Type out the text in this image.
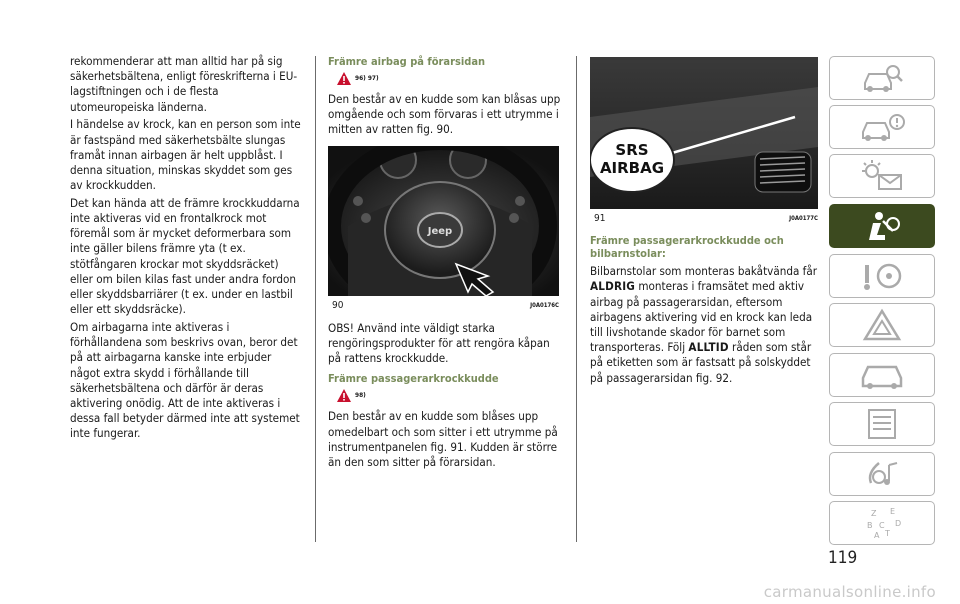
rekommenderar att man alltid har på sig säkerhetsbältena, enligt föreskrifterna i EU-lagstiftningen och i de flesta utomeuropeiska länderna.

I händelse av krock, kan en person som inte är fastspänd med säkerhetsbälte slungas framåt innan airbagen är helt uppblåst. I denna situation, minskas skyddet som ges av krockkudden.

Det kan hända att de främre krockkuddarna inte aktiveras vid en frontalkrock mot föremål som är mycket deformerbara som inte gäller bilens främre yta (t ex. stötfångaren krockar mot skyddsräcket) eller om bilen kilas fast under andra fordon eller skyddsbarriärer (t ex. under en lastbil eller ett skyddsräcke).

Om airbagarna inte aktiveras i förhållandena som beskrivs ovan, beror det på att airbagarna kanske inte erbjuder något extra skydd i förhållande till säkerhetsbältena och därför är deras aktivering onödig. Att de inte aktiveras i dessa fall betyder därmed inte att systemet inte fungerar.

Främre airbag på förarsidan
96) 97)

Den består av en kudde som kan blåsas upp omgående och som förvaras i ett utrymme i mitten av ratten fig. 90.

Jeep
90	J0A0176C

OBS! Använd inte väldigt starka rengöringsprodukter för att rengöra kåpan på rattens krockkudde.

Främre passagerarkrockkudde
98)

Den består av en kudde som blåses upp omedelbart och som sitter i ett utrymme på instrumentpanelen fig. 91. Kudden är större än den som sitter på förarsidan.

SRS
AIRBAG
91	J0A0177C
Främre passagerarkrockkudde och bilbarnstolar:

Bilbarnstolar som monteras bakåtvända får ALDRIG monteras i framsätet med aktiv airbag på passagerarsidan, eftersom airbagens aktivering vid en krock kan leda till livshotande skador för barnet som transporteras. Följ ALLTID råden som står på etiketten som är fastsatt på solskyddet på passagerarsidan fig. 92.

Z E
B C
T
D
A
119
carmanualsonline.info
